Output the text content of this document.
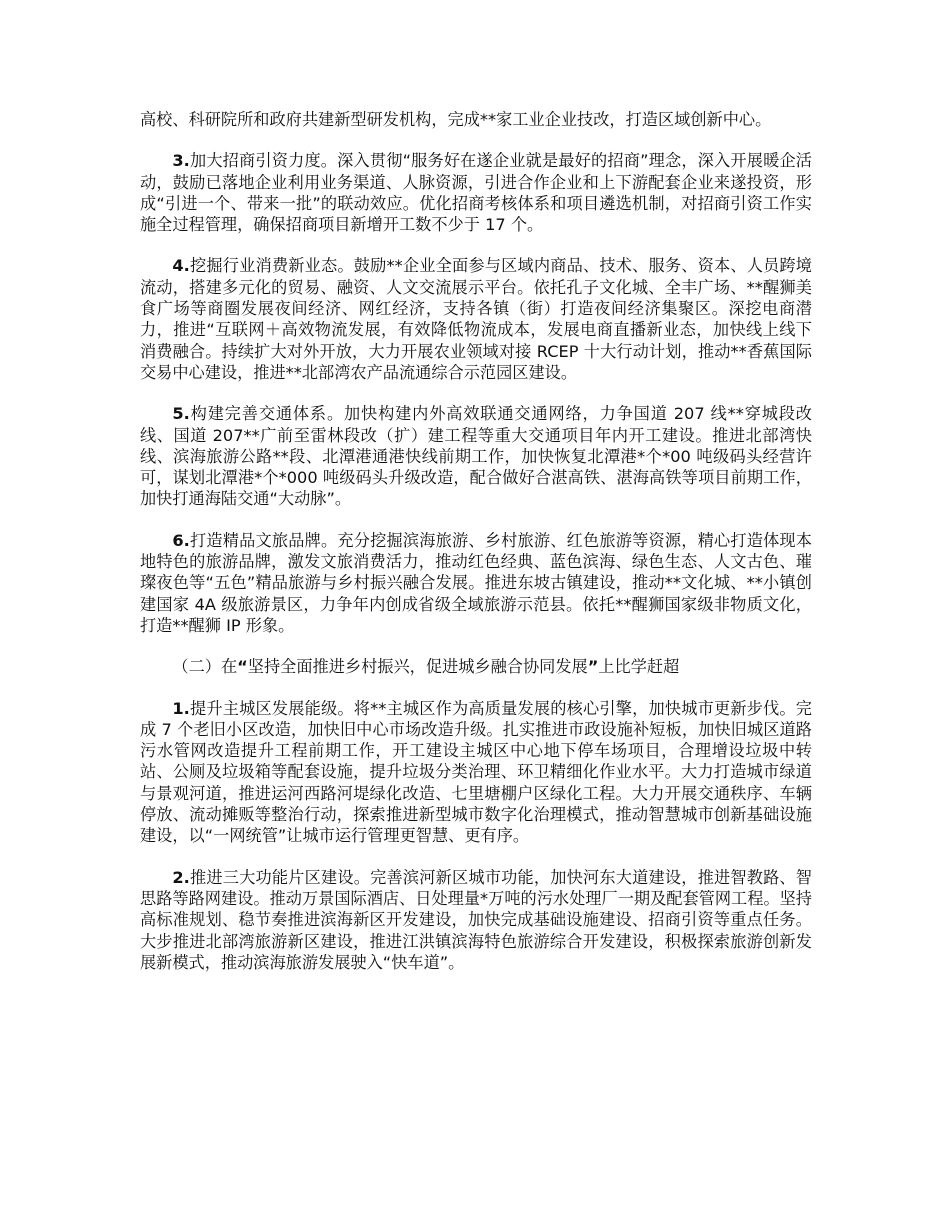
高校、科研院所和政府共建新型研发机构，完成**家工业企业技改，打造区域创新中心。

3.加大招商引资力度。深入贯彻“服务好在遂企业就是最好的招商”理念，深入开展暖企活动，鼓励已落地企业利用业务渠道、人脉资源，引进合作企业和上下游配套企业来遂投资，形成“引进一个、带来一批”的联动效应。优化招商考核体系和项目遴选机制，对招商引资工作实施全过程管理，确保招商项目新增开工数不少于 17 个。

4.挖掘行业消费新业态。鼓励**企业全面参与区域内商品、技术、服务、资本、人员跨境流动，搭建多元化的贸易、融资、人文交流展示平台。依托孔子文化城、全丰广场、**醒狮美食广场等商圈发展夜间经济、网红经济，支持各镇（街）打造夜间经济集聚区。深挖电商潜力，推进“互联网＋高效物流发展，有效降低物流成本，发展电商直播新业态，加快线上线下消费融合。持续扩大对外开放，大力开展农业领域对接 RCEP 十大行动计划，推动**香蕉国际交易中心建设，推进**北部湾农产品流通综合示范园区建设。

5.构建完善交通体系。加快构建内外高效联通交通网络，力争国道 207 线**穿城段改线、国道 207**广前至雷林段改（扩）建工程等重大交通项目年内开工建设。推进北部湾快线、滨海旅游公路**段、北潭港通港快线前期工作，加快恢复北潭港*个*00 吨级码头经营许可，谋划北潭港*个*000 吨级码头升级改造，配合做好合湛高铁、湛海高铁等项目前期工作，加快打通海陆交通“大动脉”。

6.打造精品文旅品牌。充分挖掘滨海旅游、乡村旅游、红色旅游等资源，精心打造体现本地特色的旅游品牌，激发文旅消费活力，推动红色经典、蓝色滨海、绿色生态、人文古色、璀璨夜色等“五色”精品旅游与乡村振兴融合发展。推进东坡古镇建设，推动**文化城、**小镇创建国家 4A 级旅游景区，力争年内创成省级全域旅游示范县。依托**醒狮国家级非物质文化，打造**醒狮 IP 形象。

（二）在“坚持全面推进乡村振兴，促进城乡融合协同发展”上比学赶超

1.提升主城区发展能级。将**主城区作为高质量发展的核心引擎，加快城市更新步伐。完成 7 个老旧小区改造，加快旧中心市场改造升级。扎实推进市政设施补短板，加快旧城区道路污水管网改造提升工程前期工作，开工建设主城区中心地下停车场项目，合理增设垃圾中转站、公厕及垃圾箱等配套设施，提升垃圾分类治理、环卫精细化作业水平。大力打造城市绿道与景观河道，推进运河西路河堤绿化改造、七里塘棚户区绿化工程。大力开展交通秩序、车辆停放、流动摊贩等整治行动，探索推进新型城市数字化治理模式，推动智慧城市创新基础设施建设，以“一网统管”让城市运行管理更智慧、更有序。

2.推进三大功能片区建设。完善滨河新区城市功能，加快河东大道建设，推进智教路、智思路等路网建设。推动万景国际酒店、日处理量*万吨的污水处理厂一期及配套管网工程。坚持高标准规划、稳节奏推进滨海新区开发建设，加快完成基础设施建设、招商引资等重点任务。大步推进北部湾旅游新区建设，推进江洪镇滨海特色旅游综合开发建设，积极探索旅游创新发展新模式，推动滨海旅游发展驶入“快车道”。
